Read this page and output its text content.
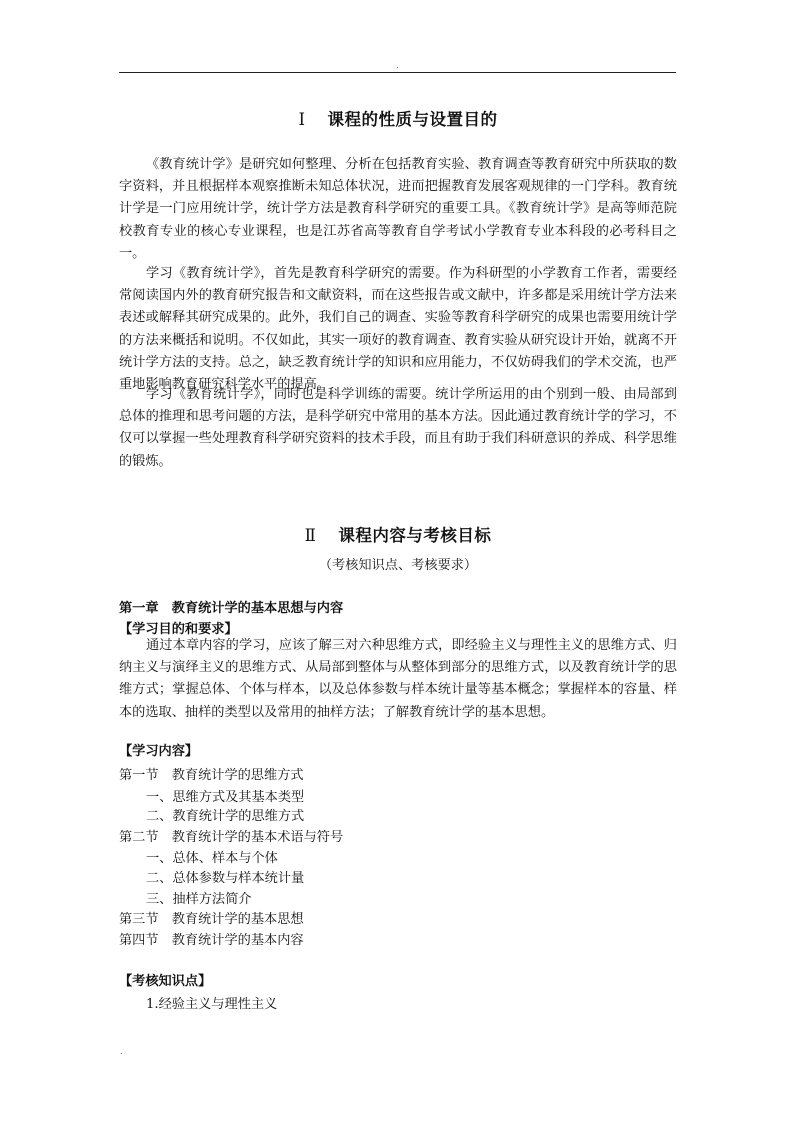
.
Ⅰ 课程的性质与设置目的

《教育统计学》是研究如何整理、分析在包括教育实验、教育调查等教育研究中所获取的数字资料，并且根据样本观察推断未知总体状况，进而把握教育发展客观规律的一门学科。教育统计学是一门应用统计学，统计学方法是教育科学研究的重要工具。《教育统计学》是高等师范院校教育专业的核心专业课程，也是江苏省高等教育自学考试小学教育专业本科段的必考科目之一。

学习《教育统计学》，首先是教育科学研究的需要。作为科研型的小学教育工作者，需要经常阅读国内外的教育研究报告和文献资料，而在这些报告或文献中，许多都是采用统计学方法来表述或解释其研究成果的。此外，我们自己的调查、实验等教育科学研究的成果也需要用统计学的方法来概括和说明。不仅如此，其实一项好的教育调查、教育实验从研究设计开始，就离不开统计学方法的支持。总之，缺乏教育统计学的知识和应用能力，不仅妨碍我们的学术交流，也严重地影响教育研究科学水平的提高。

学习《教育统计学》，同时也是科学训练的需要。统计学所运用的由个别到一般、由局部到总体的推理和思考问题的方法，是科学研究中常用的基本方法。因此通过教育统计学的学习，不仅可以掌握一些处理教育科学研究资料的技术手段，而且有助于我们科研意识的养成、科学思维的锻炼。

Ⅱ 课程内容与考核目标
（考核知识点、考核要求）
第一章　教育统计学的基本思想与内容
【学习目的和要求】

通过本章内容的学习，应该了解三对六种思维方式，即经验主义与理性主义的思维方式、归纳主义与演绎主义的思维方式、从局部到整体与从整体到部分的思维方式，以及教育统计学的思维方式；掌握总体、个体与样本，以及总体参数与样本统计量等基本概念；掌握样本的容量、样本的选取、抽样的类型以及常用的抽样方法；了解教育统计学的基本思想。

【学习内容】
第一节　教育统计学的思维方式
一、思维方式及其基本类型
二、教育统计学的思维方式
第二节　教育统计学的基本术语与符号
一、总体、样本与个体
二、总体参数与样本统计量
三、抽样方法简介
第三节　教育统计学的基本思想
第四节　教育统计学的基本内容
【考核知识点】
1.经验主义与理性主义
.
